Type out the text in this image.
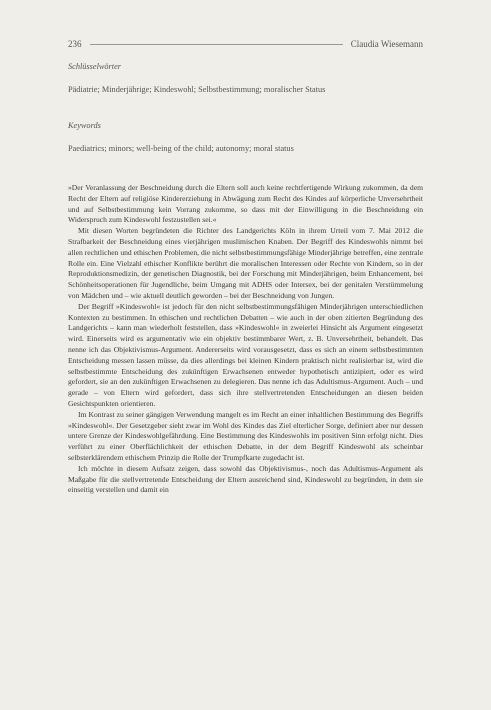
236	Claudia Wiesemann
Schlüsselwörter
Pädiatrie; Minderjährige; Kindeswohl; Selbstbestimmung; moralischer Status
Keywords
Paediatrics; minors; well-being of the child; autonomy; moral status

»Der Veranlassung der Beschneidung durch die Eltern soll auch keine rechtfertigende Wirkung zukommen, da dem Recht der Eltern auf religiöse Kindererziehung in Abwägung zum Recht des Kindes auf körperliche Unversehrtheit und auf Selbstbestimmung kein Vorrang zukomme, so dass mit der Einwilligung in die Beschneidung ein Widerspruch zum Kindeswohl festzustellen sei.«

Mit diesen Worten begründeten die Richter des Landgerichts Köln in ihrem Urteil vom 7. Mai 2012 die Strafbarkeit der Beschneidung eines vierjährigen muslimischen Knaben. Der Begriff des Kindeswohls nimmt bei allen rechtlichen und ethischen Problemen, die nicht selbstbestimmungsfähige Minderjährige betreffen, eine zentrale Rolle ein. Eine Vielzahl ethischer Konflikte berührt die moralischen Interessen oder Rechte von Kindern, so in der Reproduktionsmedizin, der genetischen Diagnostik, bei der Forschung mit Minderjährigen, beim Enhancement, bei Schönheitsoperationen für Jugendliche, beim Umgang mit ADHS oder Intersex, bei der genitalen Verstümmelung von Mädchen und – wie aktuell deutlich geworden – bei der Beschneidung von Jungen.

Der Begriff »Kindeswohl« ist jedoch für den nicht selbstbestimmungsfähigen Minderjährigen unterschiedlichen Kontexten zu bestimmen. In ethischen und rechtlichen Debatten – wie auch in der oben zitierten Begründung des Landgerichts – kann man wiederholt feststellen, dass »Kindeswohl« in zweierlei Hinsicht als Argument eingesetzt wird. Einerseits wird es argumentativ wie ein objektiv bestimmbarer Wert, z. B. Unversehrtheit, behandelt. Das nenne ich das Objektivismus-Argument. Andererseits wird vorausgesetzt, dass es sich an einem selbstbestimmten Entscheidung messen lassen müsse, da dies allerdings bei kleinen Kindern praktisch nicht realisierbar ist, wird die selbstbestimmte Entscheidung des zukünftigen Erwachsenen entweder hypothetisch antizipiert, oder es wird gefordert, sie an den zukünftigen Erwachsenen zu delegieren. Das nenne ich das Adultismus-Argument. Auch – und gerade – von Eltern wird gefordert, dass sich ihre stellvertretenden Entscheidungen an diesen beiden Gesichtspunkten orientieren.

Im Kontrast zu seiner gängigen Verwendung mangelt es im Recht an einer inhaltlichen Bestimmung des Begriffs »Kindeswohl«. Der Gesetzgeber sieht zwar im Wohl des Kindes das Ziel elterlicher Sorge, definiert aber nur dessen untere Grenze der Kindeswohlgefährdung. Eine Bestimmung des Kindeswohls im positiven Sinn erfolgt nicht. Dies verführt zu einer Oberflächlichkeit der ethischen Debatte, in der dem Begriff Kindeswohl als scheinbar selbsterklärendem ethischem Prinzip die Rolle der Trumpfkarte zugedacht ist.

Ich möchte in diesem Aufsatz zeigen, dass sowohl das Objektivismus-, noch das Adultismus-Argument als Maßgabe für die stellvertretende Entscheidung der Eltern ausreichend sind, Kindeswohl zu begründen, in dem sie einseitig verstellen und damit ein
